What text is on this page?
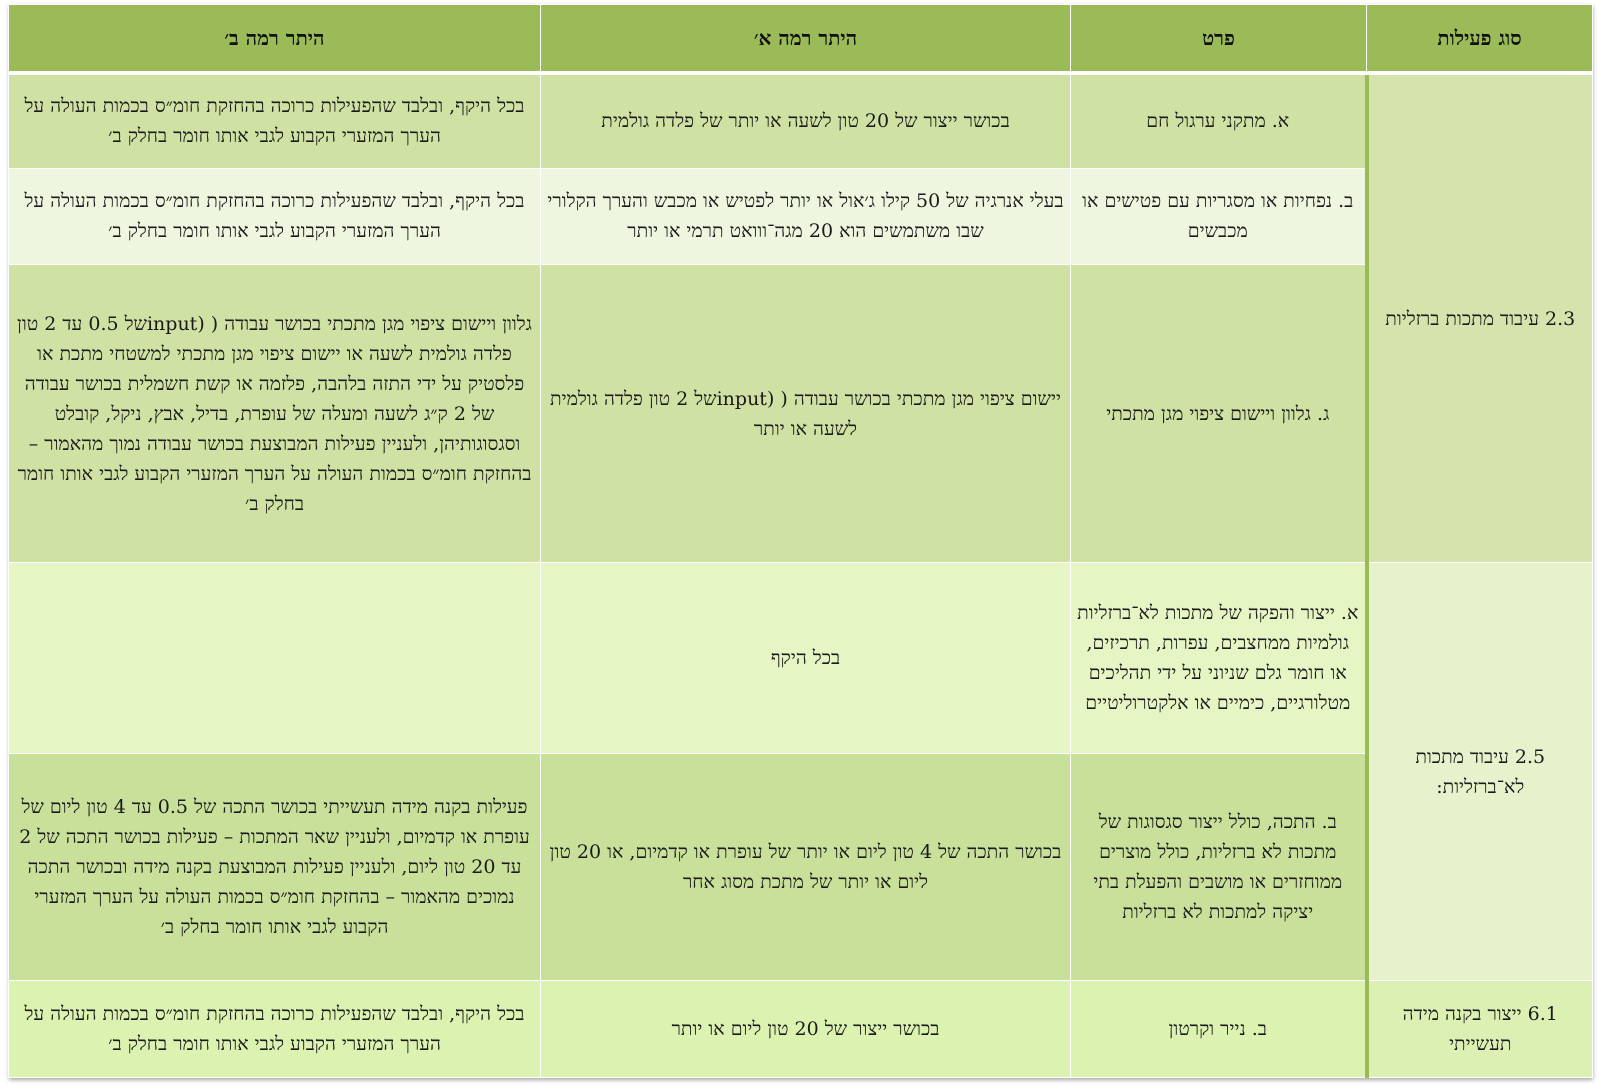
סוג פעילות	פרט	היתר רמה א׳	היתר רמה ב׳
2.3 עיבוד מתכות ברזליות	א. מתקני ערגול חם	בכושר ייצור של 20 טון לשעה או יותר של פלדה גולמית	בכל היקף, ובלבד שהפעילות כרוכה בהחזקת חומ״ס בכמות העולה על הערך המזערי הקבוע לגבי אותו חומר בחלק ב׳
	ב. נפחיות או מסגריות עם פטישים או מכבשים	בעלי אנרגיה של 50 קילו ג׳אול או יותר לפטיש או מכבש והערך הקלורי שבו משתמשים הוא 20 מגה־ווואט תרמי או יותר	בכל היקף, ובלבד שהפעילות כרוכה בהחזקת חומ״ס בכמות העולה על הערך המזערי הקבוע לגבי אותו חומר בחלק ב׳
	ג. גלוון ויישום ציפוי מגן מתכתי	יישום ציפוי מגן מתכתי בכושר עבודה ( (inputשל 2 טון פלדה גולמית לשעה או יותר	גלוון ויישום ציפוי מגן מתכתי בכושר עבודה ( (inputשל 0.5 עד 2 טון פלדה גולמית לשעה או יישום ציפוי מגן מתכתי למשטחי מתכת או פלסטיק על ידי התזה בלהבה, פלזמה או קשת חשמלית בכושר עבודה של 2 ק״ג לשעה ומעלה של עופרת, בדיל, אבץ, ניקל, קובלט וסגסוגותיהן, ולעניין פעילות המבוצעת בכושר עבודה נמוך מהאמור – בהחזקת חומ״ס בכמות העולה על הערך המזערי הקבוע לגבי אותו חומר בחלק ב׳
2.5 עיבוד מתכות לא־ברזליות:	א. ייצור והפקה של מתכות לא־ברזליות גולמיות ממחצבים, עפרות, תרכיזים, או חומר גלם שניוני על ידי תהליכים מטלורגיים, כימיים או אלקטרוליטיים	בכל היקף	
	ב. התכה, כולל ייצור סגסוגות של מתכות לא ברזליות, כולל מוצרים ממוחזרים או מושבים והפעלת בתי יציקה למתכות לא ברזליות	בכושר התכה של 4 טון ליום או יותר של עופרת או קדמיום, או 20 טון ליום או יותר של מתכת מסוג אחר	פעילות בקנה מידה תעשייתי בכושר התכה של 0.5 עד 4 טון ליום של עופרת או קדמיום, ולעניין שאר המתכות – פעילות בכושר התכה של 2 עד 20 טון ליום, ולעניין פעילות המבוצעת בקנה מידה ובכושר התכה נמוכים מהאמור – בהחזקת חומ״ס בכמות העולה על הערך המזערי הקבוע לגבי אותו חומר בחלק ב׳
6.1 ייצור בקנה מידה תעשייתי	ב. נייר וקרטון	בכושר ייצור של 20 טון ליום או יותר	בכל היקף, ובלבד שהפעילות כרוכה בהחזקת חומ״ס בכמות העולה על הערך המזערי הקבוע לגבי אותו חומר בחלק ב׳
